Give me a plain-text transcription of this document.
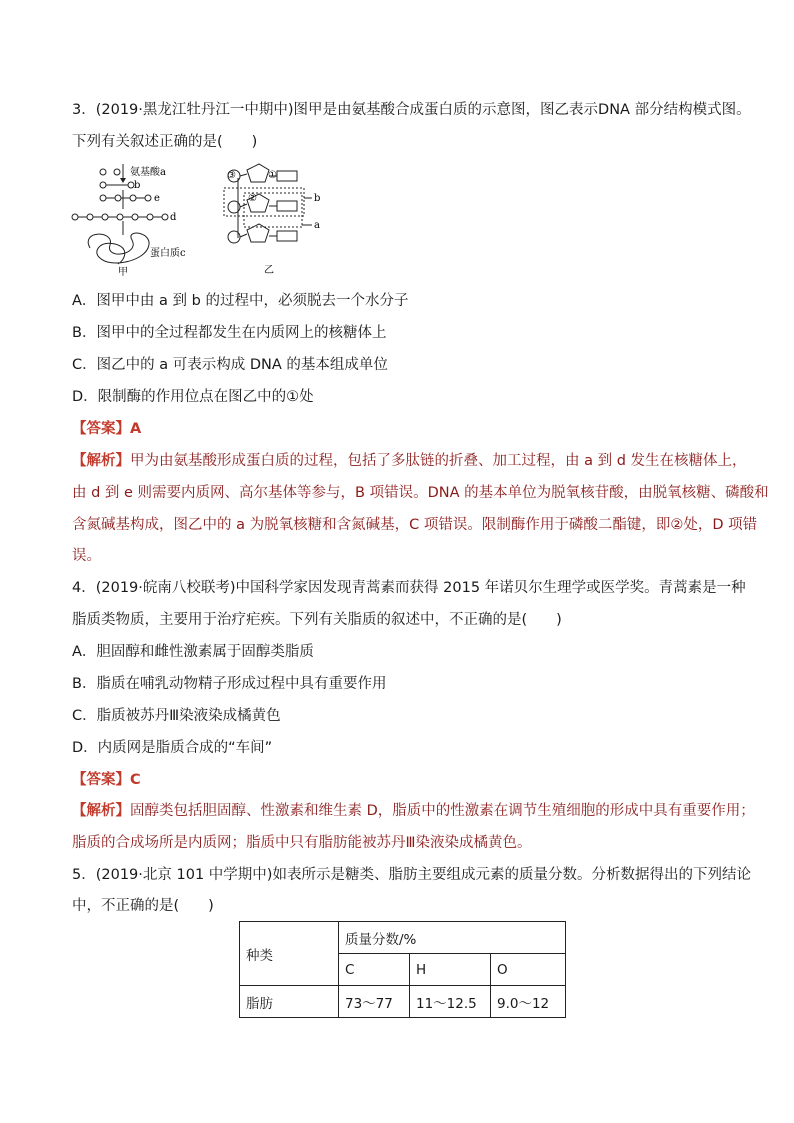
3．(2019·黑龙江牡丹江一中期中)图甲是由氨基酸合成蛋白质的示意图，图乙表示DNA 部分结构模式图。
下列有关叙述正确的是(　　)
氨基酸a
b
e
d
蛋白质c
甲
③	①
②	b
a
乙
A．图甲中由 a 到 b 的过程中，必须脱去一个水分子
B．图甲中的全过程都发生在内质网上的核糖体上
C．图乙中的 a 可表示构成 DNA 的基本组成单位
D．限制酶的作用位点在图乙中的①处
【答案】A
【解析】甲为由氨基酸形成蛋白质的过程，包括了多肽链的折叠、加工过程，由 a 到 d 发生在核糖体上，
由 d 到 e 则需要内质网、高尔基体等参与，B 项错误。DNA 的基本单位为脱氧核苷酸，由脱氧核糖、磷酸和
含氮碱基构成，图乙中的 a 为脱氧核糖和含氮碱基，C 项错误。限制酶作用于磷酸二酯键，即②处，D 项错
误。
4．(2019·皖南八校联考)中国科学家因发现青蒿素而获得 2015 年诺贝尔生理学或医学奖。青蒿素是一种
脂质类物质，主要用于治疗疟疾。下列有关脂质的叙述中，不正确的是(　　)
A．胆固醇和雌性激素属于固醇类脂质
B．脂质在哺乳动物精子形成过程中具有重要作用
C．脂质被苏丹Ⅲ染液染成橘黄色
D．内质网是脂质合成的“车间”
【答案】C
【解析】固醇类包括胆固醇、性激素和维生素 D，脂质中的性激素在调节生殖细胞的形成中具有重要作用；
脂质的合成场所是内质网；脂质中只有脂肪能被苏丹Ⅲ染液染成橘黄色。
5．(2019·北京 101 中学期中)如表所示是糖类、脂肪主要组成元素的质量分数。分析数据得出的下列结论
中，不正确的是(　　)
种类	质量分数/%		
	C	H	O
脂肪	73～77	11～12.5	9.0～12
